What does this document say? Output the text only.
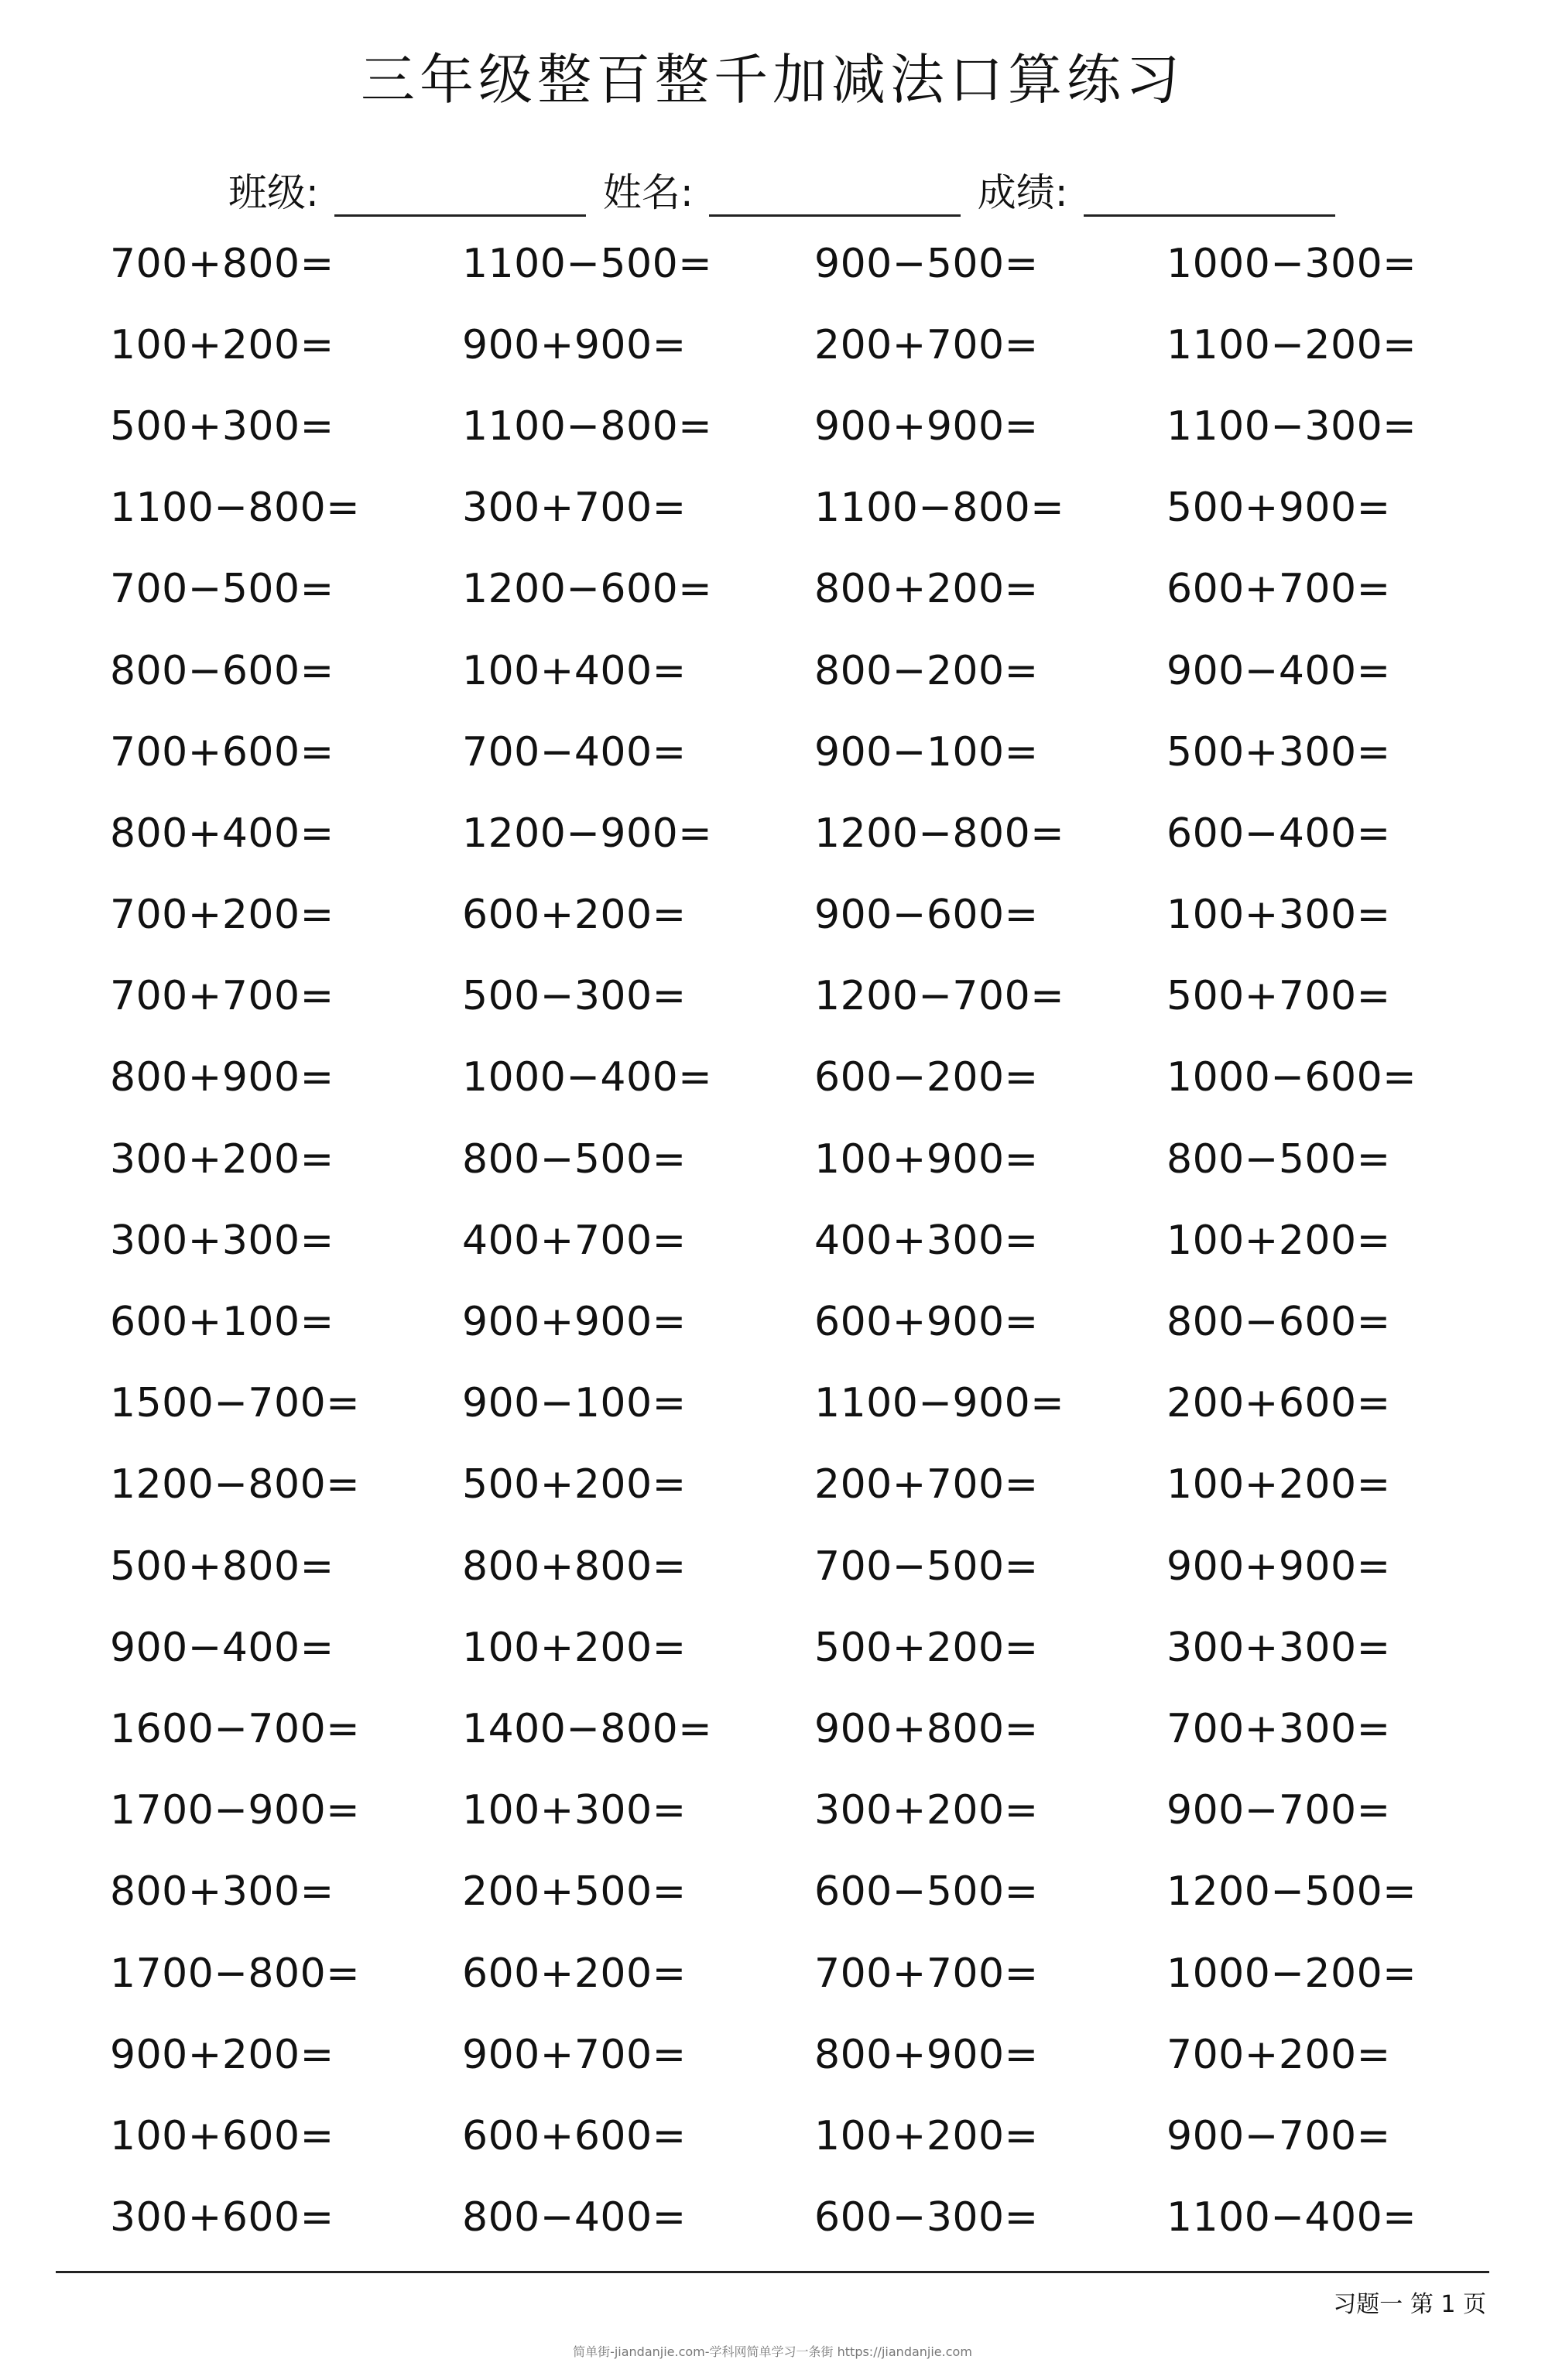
三年级整百整千加减法口算练习
班级:	姓名:	成绩:
700+800=	1100−500=	900−500=	1000−300=
100+200=	900+900=	200+700=	1100−200=
500+300=	1100−800=	900+900=	1100−300=
1100−800=	300+700=	1100−800=	500+900=
700−500=	1200−600=	800+200=	600+700=
800−600=	100+400=	800−200=	900−400=
700+600=	700−400=	900−100=	500+300=
800+400=	1200−900=	1200−800=	600−400=
700+200=	600+200=	900−600=	100+300=
700+700=	500−300=	1200−700=	500+700=
800+900=	1000−400=	600−200=	1000−600=
300+200=	800−500=	100+900=	800−500=
300+300=	400+700=	400+300=	100+200=
600+100=	900+900=	600+900=	800−600=
1500−700=	900−100=	1100−900=	200+600=
1200−800=	500+200=	200+700=	100+200=
500+800=	800+800=	700−500=	900+900=
900−400=	100+200=	500+200=	300+300=
1600−700=	1400−800=	900+800=	700+300=
1700−900=	100+300=	300+200=	900−700=
800+300=	200+500=	600−500=	1200−500=
1700−800=	600+200=	700+700=	1000−200=
900+200=	900+700=	800+900=	700+200=
100+600=	600+600=	100+200=	900−700=
300+600=	800−400=	600−300=	1100−400=
习题一 第 1 页
简单街-jiandanjie.com-学科网简单学习一条街 https://jiandanjie.com
